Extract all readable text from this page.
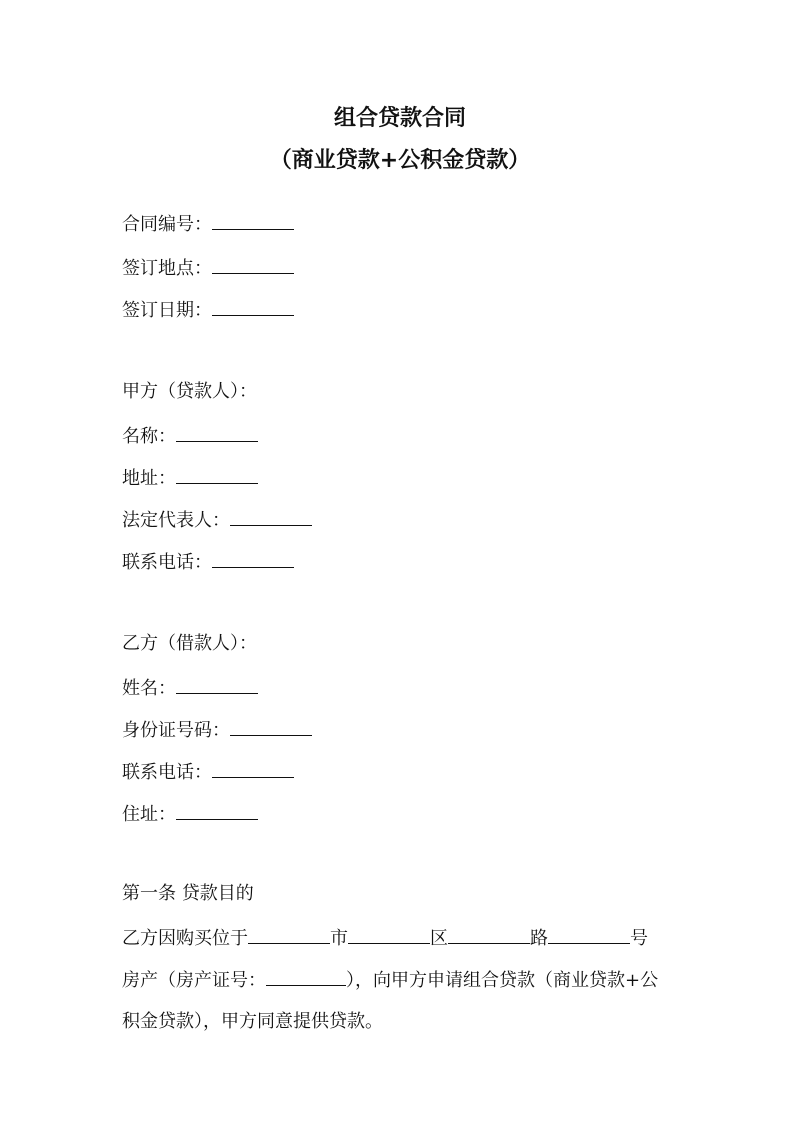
组合贷款合同
（商业贷款+公积金贷款）
合同编号：
签订地点：
签订日期：
甲方（贷款人）：
名称：
地址：
法定代表人：
联系电话：
乙方（借款人）：
姓名：
身份证号码：
联系电话：
住址：
第一条 贷款目的
乙方因购买位于	市	区	路	号
房产（房产证号：	），向甲方申请组合贷款（商业贷款+公
积金贷款），甲方同意提供贷款。
